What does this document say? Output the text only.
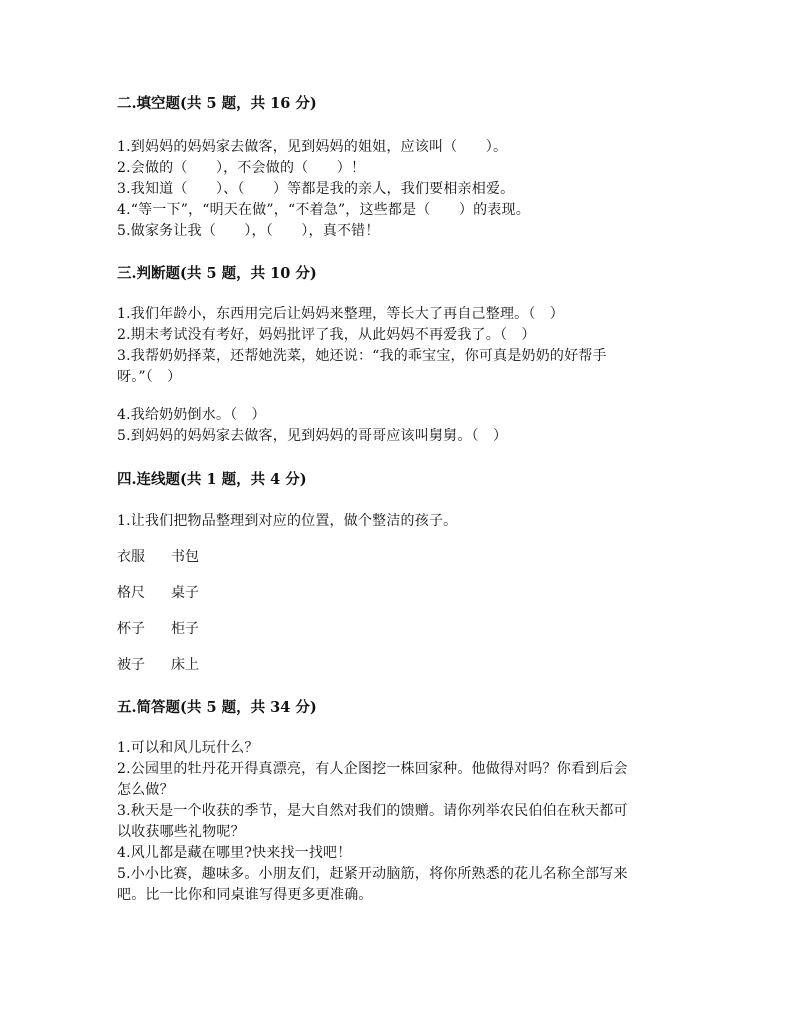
二.填空题(共 5 题，共 16 分)
1.到妈妈的妈妈家去做客，见到妈妈的姐姐，应该叫（　　）。
2.会做的（　　），不会做的（　　）！
3.我知道（　　）、（　　）等都是我的亲人，我们要相亲相爱。
4.“等一下”，“明天在做”，“不着急”，这些都是（　　）的表现。
5.做家务让我（　　），（　　），真不错！
三.判断题(共 5 题，共 10 分)
1.我们年龄小，东西用完后让妈妈来整理，等长大了再自己整理。（　）
2.期末考试没有考好，妈妈批评了我，从此妈妈不再爱我了。（　）
3.我帮奶奶择菜，还帮她洗菜，她还说：“我的乖宝宝，你可真是奶奶的好帮手
呀。”（　）
4.我给奶奶倒水。（　）
5.到妈妈的妈妈家去做客，见到妈妈的哥哥应该叫舅舅。（　）
四.连线题(共 1 题，共 4 分)
1.让我们把物品整理到对应的位置，做个整洁的孩子。
衣服 书包
格尺 桌子
杯子 柜子
被子 床上
五.简答题(共 5 题，共 34 分)
1.可以和风儿玩什么？
2.公园里的牡丹花开得真漂亮，有人企图挖一株回家种。他做得对吗？你看到后会
怎么做？
3.秋天是一个收获的季节，是大自然对我们的馈赠。请你列举农民伯伯在秋天都可
以收获哪些礼物呢？
4.风儿都是藏在哪里?快来找一找吧！
5.小小比赛，趣味多。小朋友们，赶紧开动脑筋，将你所熟悉的花儿名称全部写来
吧。比一比你和同桌谁写得更多更准确。
